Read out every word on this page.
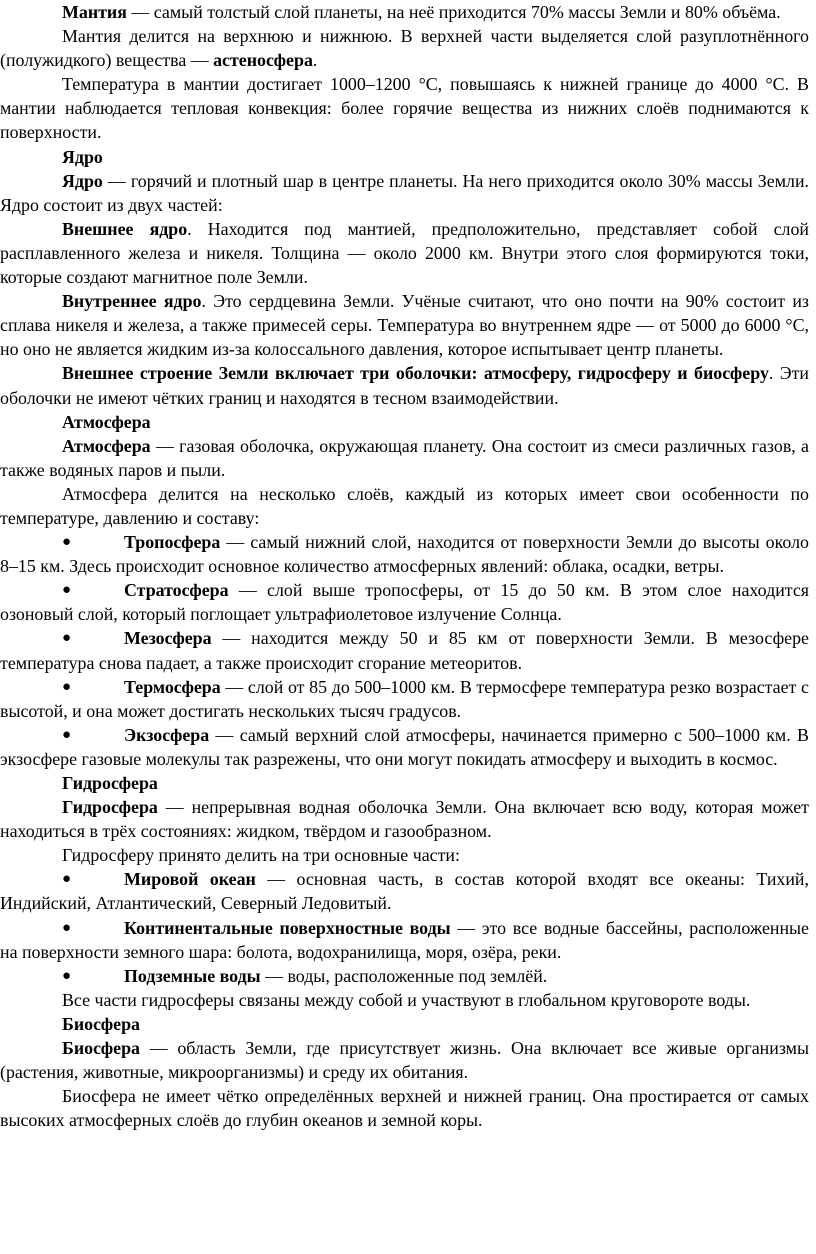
Мантия — самый толстый слой планеты, на неё приходится 70% массы Земли и 80% объёма.

Мантия делится на верхнюю и нижнюю. В верхней части выделяется слой разуплотнённого (полужидкого) вещества — астеносфера.

Температура в мантии достигает 1000–1200 °С, повышаясь к нижней границе до 4000 °С. В мантии наблюдается тепловая конвекция: более горячие вещества из нижних слоёв поднимаются к поверхности.

Ядро

Ядро — горячий и плотный шар в центре планеты. На него приходится около 30% массы Земли. Ядро состоит из двух частей:

Внешнее ядро. Находится под мантией, предположительно, представляет собой слой расплавленного железа и никеля. Толщина — около 2000 км. Внутри этого слоя формируются токи, которые создают магнитное поле Земли.

Внутреннее ядро. Это сердцевина Земли. Учёные считают, что оно почти на 90% состоит из сплава никеля и железа, а также примесей серы. Температура во внутреннем ядре — от 5000 до 6000 °С, но оно не является жидким из-за колоссального давления, которое испытывает центр планеты.

Внешнее строение Земли включает три оболочки: атмосферу, гидросферу и биосферу. Эти оболочки не имеют чётких границ и находятся в тесном взаимодействии.

Атмосфера

Атмосфера — газовая оболочка, окружающая планету. Она состоит из смеси различных газов, а также водяных паров и пыли.

Атмосфера делится на несколько слоёв, каждый из которых имеет свои особенности по температуре, давлению и составу:

●	Тропосфера — самый нижний слой, находится от поверхности Земли до высоты около 8–15 км. Здесь происходит основное количество атмосферных явлений: облака, осадки, ветры.

●	Стратосфера — слой выше тропосферы, от 15 до 50 км. В этом слое находится озоновый слой, который поглощает ультрафиолетовое излучение Солнца.

●	Мезосфера — находится между 50 и 85 км от поверхности Земли. В мезосфере температура снова падает, а также происходит сгорание метеоритов.

●	Термосфера — слой от 85 до 500–1000 км. В термосфере температура резко возрастает с высотой, и она может достигать нескольких тысяч градусов.

●	Экзосфера — самый верхний слой атмосферы, начинается примерно с 500–1000 км. В экзосфере газовые молекулы так разрежены, что они могут покидать атмосферу и выходить в космос.

Гидросфера

Гидросфера — непрерывная водная оболочка Земли. Она включает всю воду, которая может находиться в трёх состояниях: жидком, твёрдом и газообразном.

Гидросферу принято делить на три основные части:

●	Мировой океан — основная часть, в состав которой входят все океаны: Тихий, Индийский, Атлантический, Северный Ледовитый.

●	Континентальные поверхностные воды — это все водные бассейны, расположенные на поверхности земного шара: болота, водохранилища, моря, озёра, реки.

●	Подземные воды — воды, расположенные под землёй.

Все части гидросферы связаны между собой и участвуют в глобальном круговороте воды.

Биосфера

Биосфера — область Земли, где присутствует жизнь. Она включает все живые организмы (растения, животные, микроорганизмы) и среду их обитания.

Биосфера не имеет чётко определённых верхней и нижней границ. Она простирается от самых высоких атмосферных слоёв до глубин океанов и земной коры.
